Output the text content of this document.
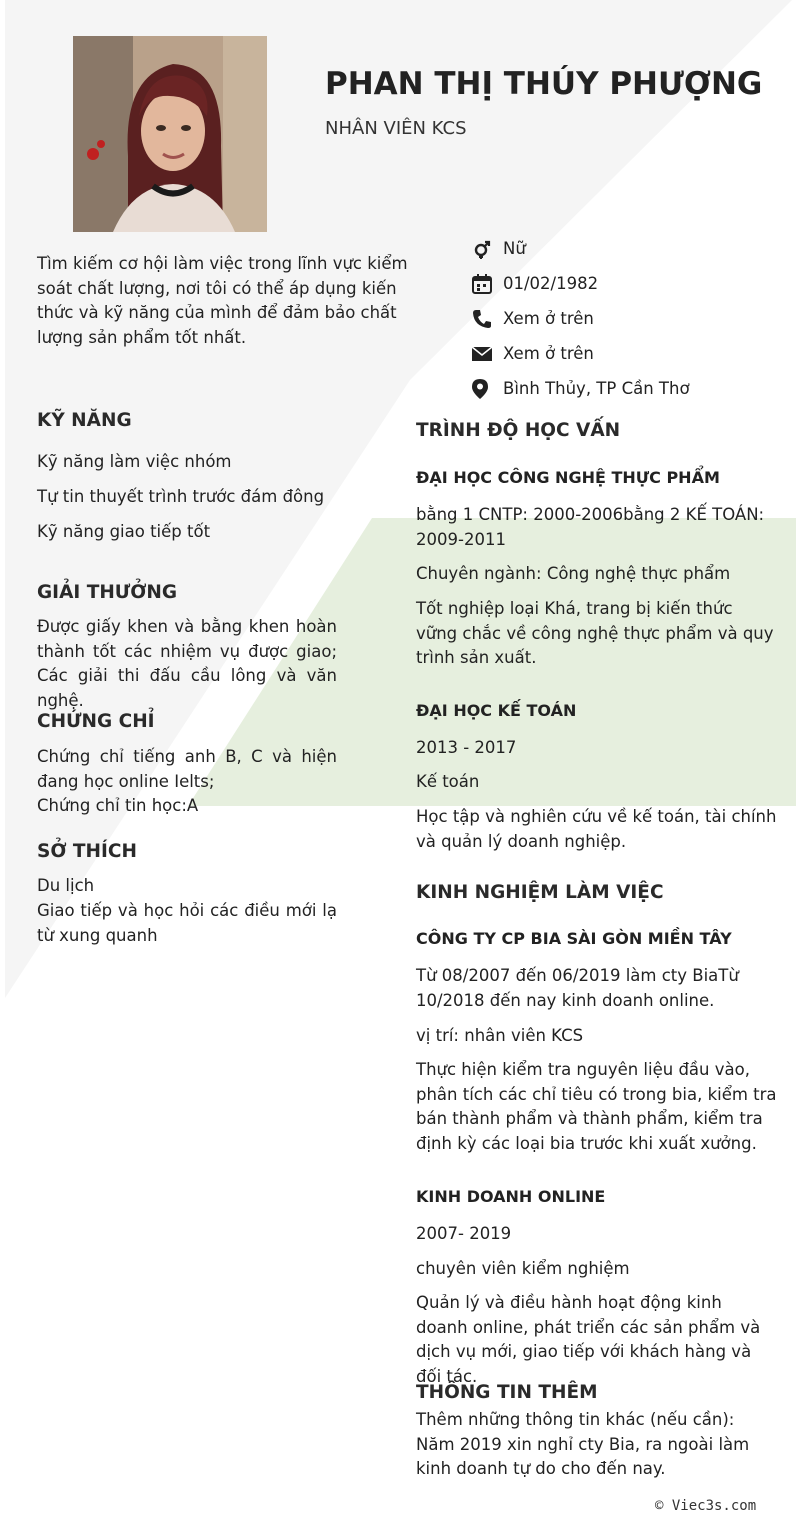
PHAN THỊ THÚY PHƯỢNG
NHÂN VIÊN KCS
Tìm kiếm cơ hội làm việc trong lĩnh vực kiểm soát chất lượng, nơi tôi có thể áp dụng kiến thức và kỹ năng của mình để đảm bảo chất lượng sản phẩm tốt nhất.
Nữ
01/02/1982
Xem ở trên
Xem ở trên
Bình Thủy, TP Cần Thơ
KỸ NĂNG
Kỹ năng làm việc nhóm
Tự tin thuyết trình trước đám đông
Kỹ năng giao tiếp tốt
GIẢI THƯỞNG
Được giấy khen và bằng khen hoàn thành tốt các nhiệm vụ được giao; Các giải thi đấu cầu lông và văn nghệ.
CHỨNG CHỈ
Chứng chỉ tiếng anh B, C và hiện đang học online Ielts;
Chứng chỉ tin học:A
SỞ THÍCH
Du lịch
Giao tiếp và học hỏi các điều mới lạ từ xung quanh
TRÌNH ĐỘ HỌC VẤN
ĐẠI HỌC CÔNG NGHỆ THỰC PHẨM
bằng 1 CNTP: 2000-2006bằng 2 KẾ TOÁN: 2009-2011
Chuyên ngành: Công nghệ thực phẩm
Tốt nghiệp loại Khá, trang bị kiến thức vững chắc về công nghệ thực phẩm và quy trình sản xuất.
ĐẠI HỌC KẾ TOÁN
2013 - 2017
Kế toán
Học tập và nghiên cứu về kế toán, tài chính và quản lý doanh nghiệp.
KINH NGHIỆM LÀM VIỆC
CÔNG TY CP BIA SÀI GÒN MIỀN TÂY
Từ 08/2007 đến 06/2019 làm cty BiaTừ 10/2018 đến nay kinh doanh online.
vị trí: nhân viên KCS
Thực hiện kiểm tra nguyên liệu đầu vào, phân tích các chỉ tiêu có trong bia, kiểm tra bán thành phẩm và thành phẩm, kiểm tra định kỳ các loại bia trước khi xuất xưởng.
KINH DOANH ONLINE
2007- 2019
chuyên viên kiểm nghiệm
Quản lý và điều hành hoạt động kinh doanh online, phát triển các sản phẩm và dịch vụ mới, giao tiếp với khách hàng và đối tác.
THÔNG TIN THÊM
Thêm những thông tin khác (nếu cần): Năm 2019 xin nghỉ cty Bia, ra ngoài làm kinh doanh tự do cho đến nay.
© Viec3s.com
